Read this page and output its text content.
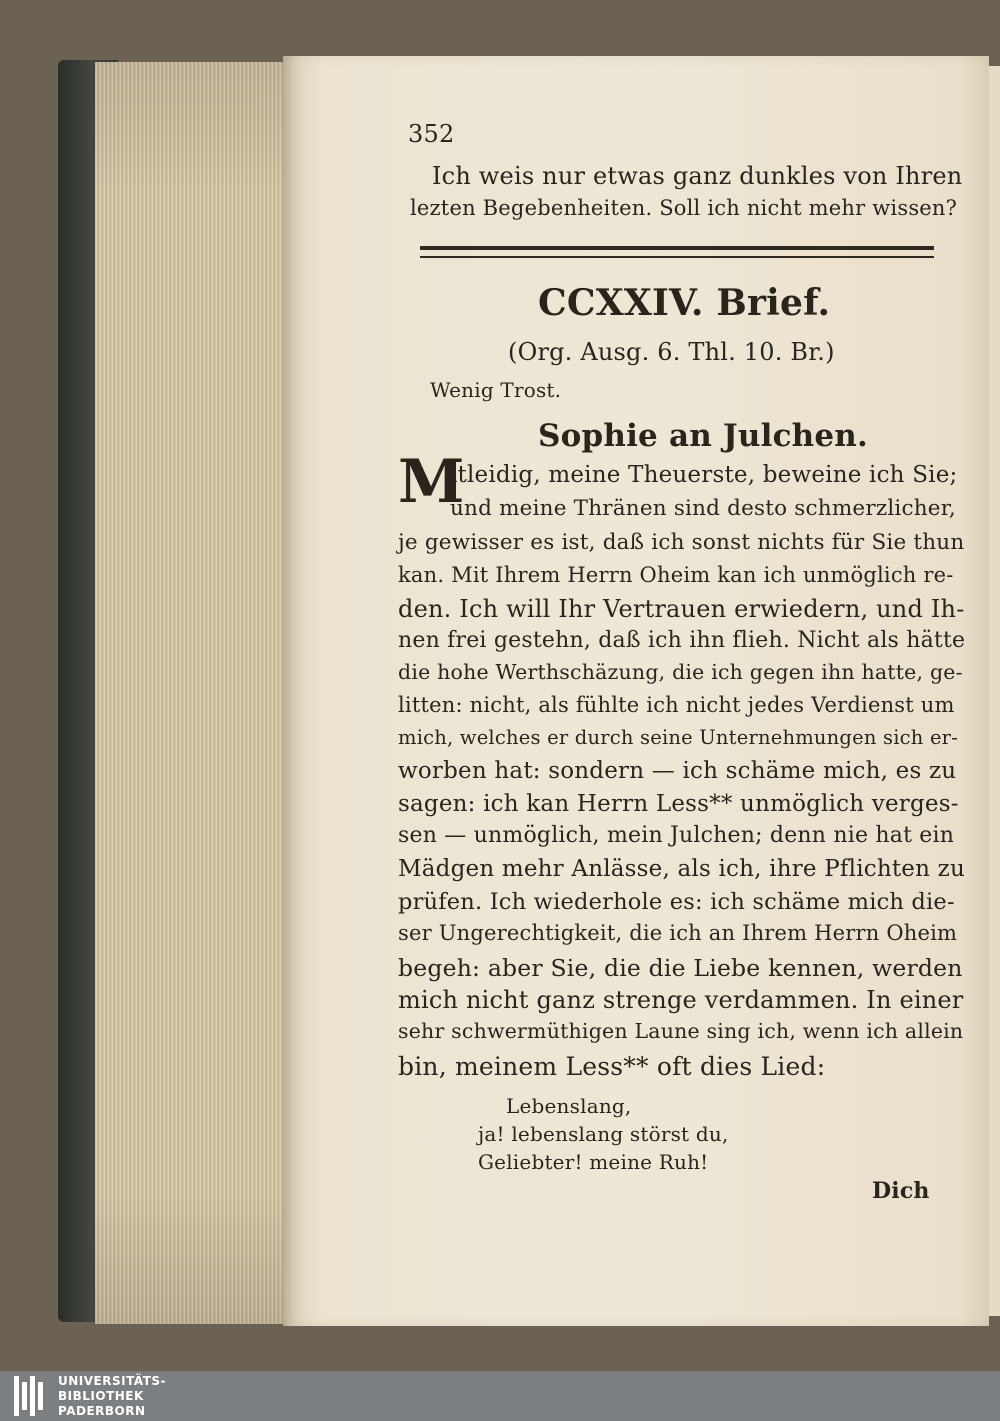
352
Ich weis nur etwas ganz dunkles von Ihren
lezten Begebenheiten. Soll ich nicht mehr wissen?
CCXXIV. Brief.
(Org. Ausg. 6. Thl. 10. Br.)
Wenig Trost.
Sophie an Julchen.
M
itleidig, meine Theuerste, beweine ich Sie;
und meine Thränen sind desto schmerzlicher,
Lebenslang,
ja! lebenslang störst du,
Geliebter! meine Ruh!
Dich
je gewisser es ist, daß ich sonst nichts für Sie thun
kan. Mit Ihrem Herrn Oheim kan ich unmöglich re-
den. Ich will Ihr Vertrauen erwiedern, und Ih-
nen frei gestehn, daß ich ihn flieh. Nicht als hätte
die hohe Werthschäzung, die ich gegen ihn hatte, ge-
litten: nicht, als fühlte ich nicht jedes Verdienst um
mich, welches er durch seine Unternehmungen sich er-
worben hat: sondern — ich schäme mich, es zu
sagen: ich kan Herrn Less** unmöglich verges-
sen — unmöglich, mein Julchen; denn nie hat ein
Mädgen mehr Anlässe, als ich, ihre Pflichten zu
prüfen. Ich wiederhole es: ich schäme mich die-
ser Ungerechtigkeit, die ich an Ihrem Herrn Oheim
begeh: aber Sie, die die Liebe kennen, werden
mich nicht ganz strenge verdammen. In einer
sehr schwermüthigen Laune sing ich, wenn ich allein
bin, meinem Less** oft dies Lied:
UNIVERSITÄTS-
BIBLIOTHEK
PADERBORN
